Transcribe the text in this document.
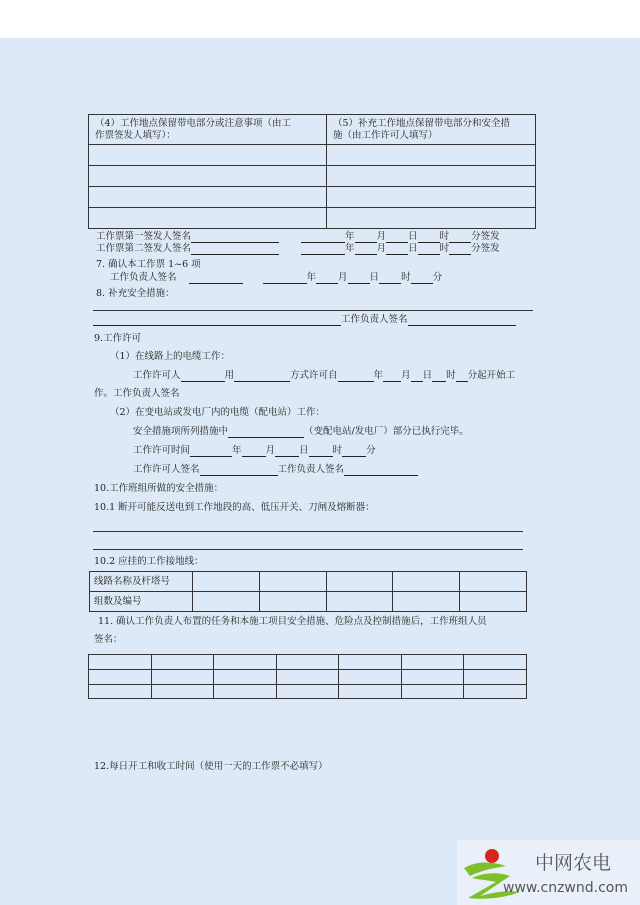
（4）工作地点保留带电部分或注意事项（由工
作票签发人填写）：	（5）补充工作地点保留带电部分和安全措
施（由工作许可人填写）

工作票第一签发人签名	年 月 日 时 分签发
工作票第二签发人签名	年 月 日 时 分签发
7. 确认本工作票 1~6 项
工作负责人签名	年 月 日 时 分
8. 补充安全措施：
工作负责人签名
9.工作许可
（1）在线路上的电缆工作：
工作许可人	用	方式许可自	年 月 日 时 分起开始工
作。工作负责人签名
（2）在变电站或发电厂内的电缆（配电站）工作：
安全措施项所列措施中	（变配电站/发电厂）部分已执行完毕。
工作许可时间	年	月	日	时	分
工作许可人签名	工作负责人签名
10.工作班组所做的安全措施：
10.1 断开可能反送电到工作地段的高、低压开关、刀闸及熔断器：
10.2 应挂的工作接地线：
线路名称及杆塔号					
组数及编号					
11. 确认工作负责人布置的任务和本施工项目安全措施、危险点及控制措施后，工作班组人员
签名：

12.每日开工和收工时间（使用一天的工作票不必填写）
中网农电
www.cnzwnd.com
